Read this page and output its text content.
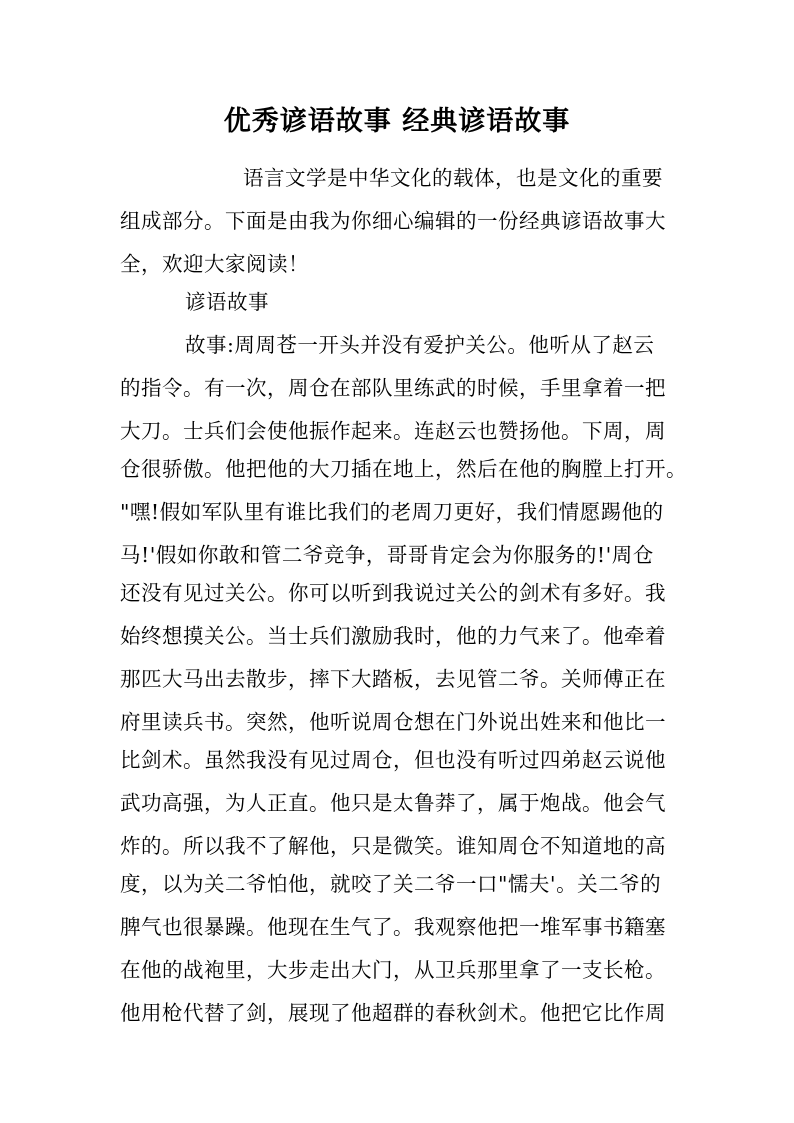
优秀谚语故事 经典谚语故事
语言文学是中华文化的载体，也是文化的重要
组成部分。下面是由我为你细心编辑的一份经典谚语故事大
全，欢迎大家阅读！
谚语故事
故事:周周苍一开头并没有爱护关公。他听从了赵云
的指令。有一次，周仓在部队里练武的时候，手里拿着一把
大刀。士兵们会使他振作起来。连赵云也赞扬他。下周，周
仓很骄傲。他把他的大刀插在地上，然后在他的胸膛上打开。
"嘿!假如军队里有谁比我们的老周刀更好，我们情愿踢他的
马!'假如你敢和管二爷竞争，哥哥肯定会为你服务的!'周仓
还没有见过关公。你可以听到我说过关公的剑术有多好。我
始终想摸关公。当士兵们激励我时，他的力气来了。他牵着
那匹大马出去散步，摔下大踏板，去见管二爷。关师傅正在
府里读兵书。突然，他听说周仓想在门外说出姓来和他比一
比剑术。虽然我没有见过周仓，但也没有听过四弟赵云说他
武功高强，为人正直。他只是太鲁莽了，属于炮战。他会气
炸的。所以我不了解他，只是微笑。谁知周仓不知道地的高
度，以为关二爷怕他，就咬了关二爷一口"懦夫'。关二爷的
脾气也很暴躁。他现在生气了。我观察他把一堆军事书籍塞
在他的战袍里，大步走出大门，从卫兵那里拿了一支长枪。
他用枪代替了剑，展现了他超群的春秋剑术。他把它比作周
